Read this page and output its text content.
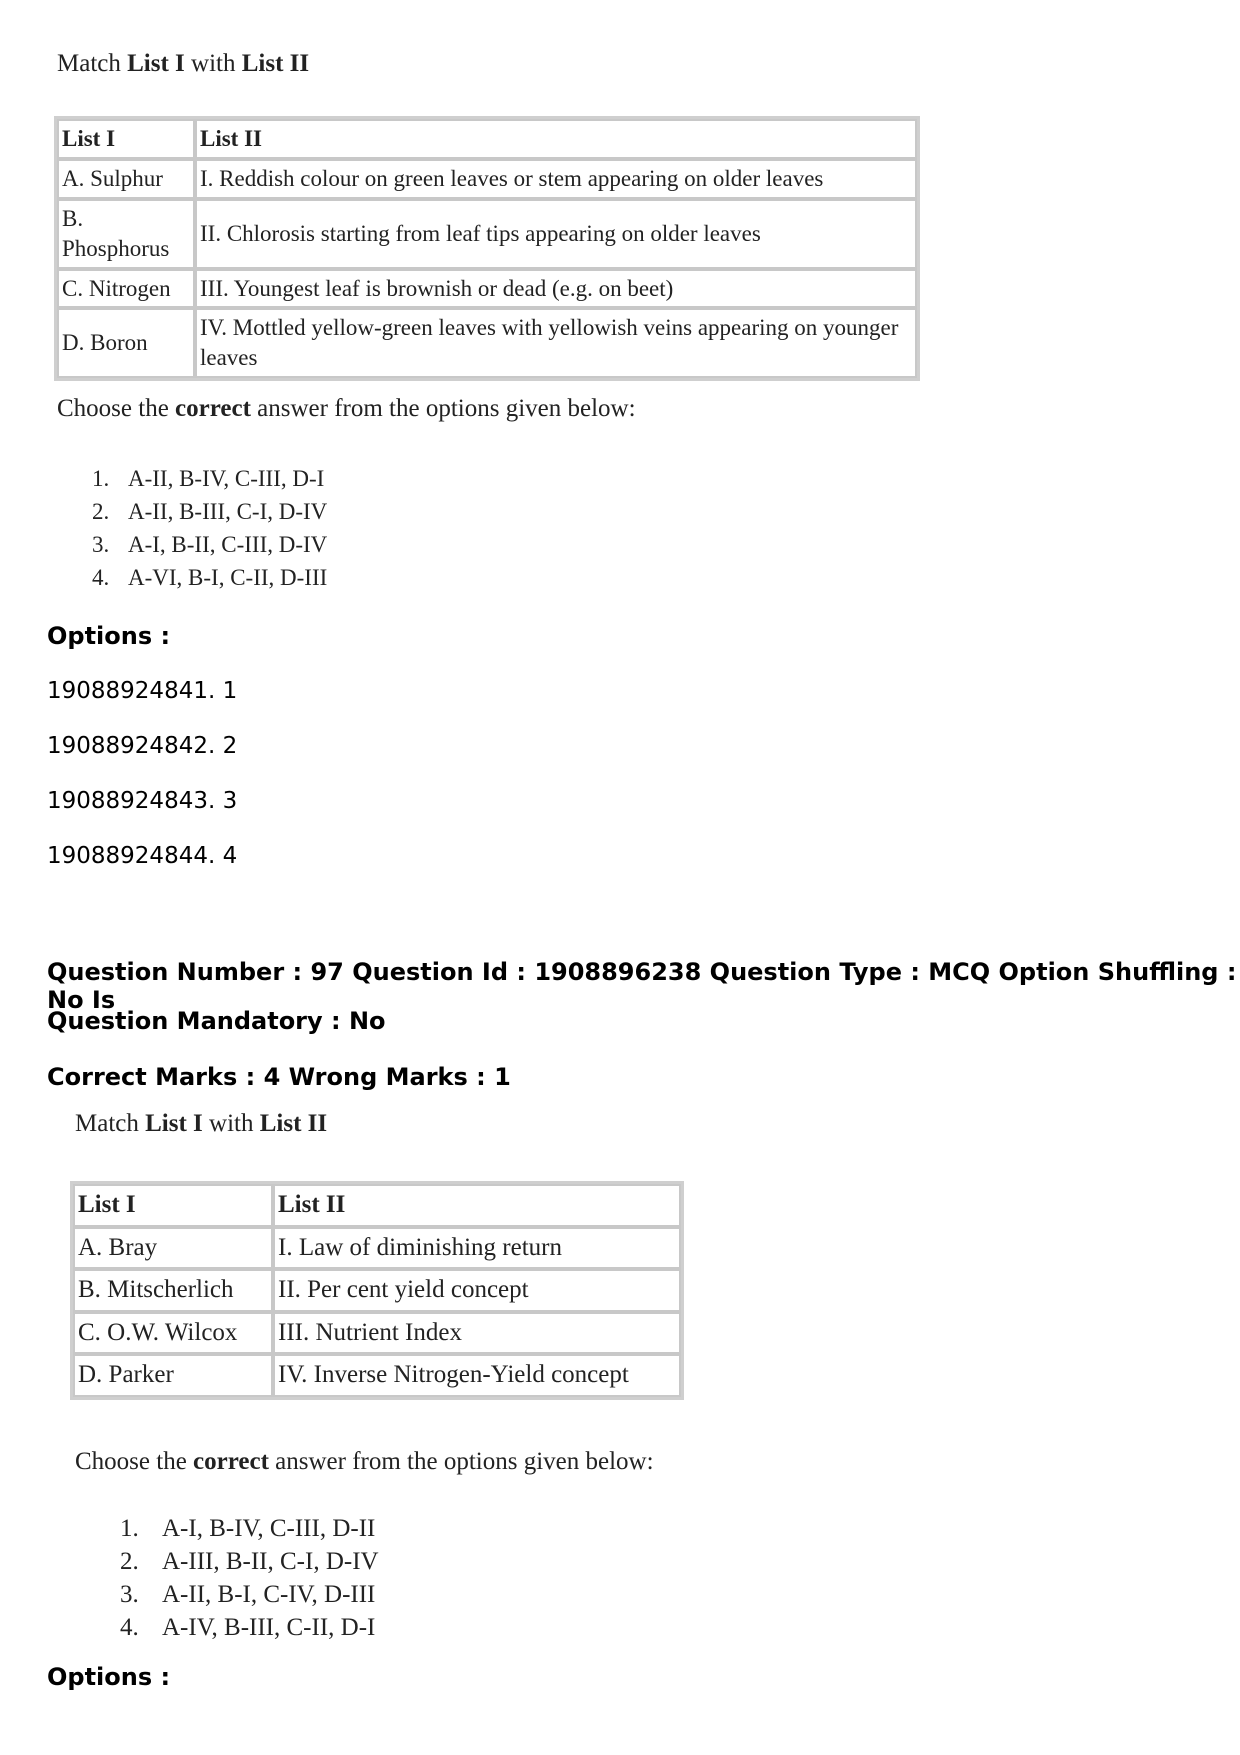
Match List I with List II
List I	List II
A. Sulphur	I. Reddish colour on green leaves or stem appearing on older leaves
B. Phosphorus	II. Chlorosis starting from leaf tips appearing on older leaves
C. Nitrogen	III. Youngest leaf is brownish or dead (e.g. on beet)
D. Boron	IV. Mottled yellow-green leaves with yellowish veins appearing on younger leaves
Choose the correct answer from the options given below:
1. A-II, B-IV, C-III, D-I
2. A-II, B-III, C-I, D-IV
3. A-I, B-II, C-III, D-IV
4. A-VI, B-I, C-II, D-III
Options :
19088924841. 1
19088924842. 2
19088924843. 3
19088924844. 4
Question Number : 97 Question Id : 1908896238 Question Type : MCQ Option Shuffling : No Is
Question Mandatory : No
Correct Marks : 4 Wrong Marks : 1
Match List I with List II
List I	List II
A. Bray	I. Law of diminishing return
B. Mitscherlich	II. Per cent yield concept
C. O.W. Wilcox	III. Nutrient Index
D. Parker	IV. Inverse Nitrogen-Yield concept
Choose the correct answer from the options given below:
1. A-I, B-IV, C-III, D-II
2. A-III, B-II, C-I, D-IV
3. A-II, B-I, C-IV, D-III
4. A-IV, B-III, C-II, D-I
Options :
